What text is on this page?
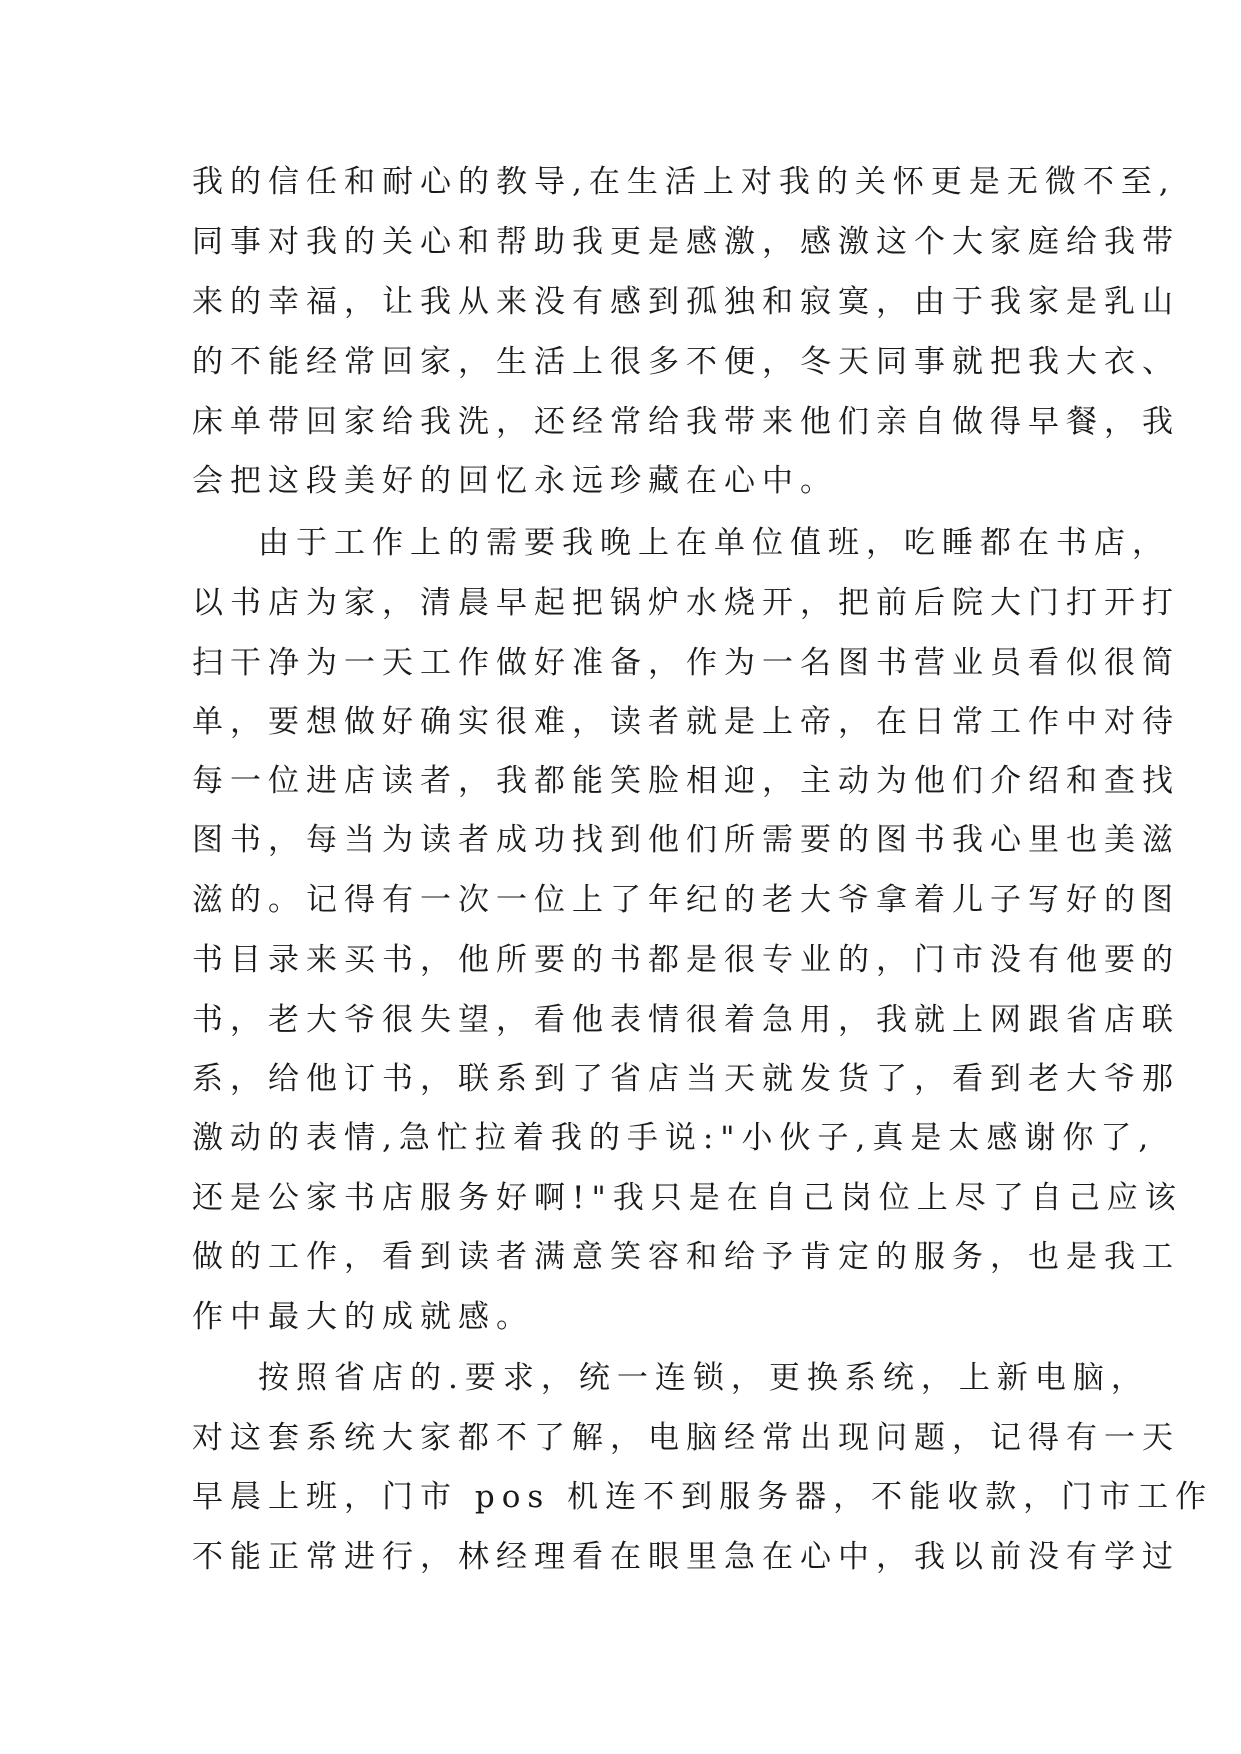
我的信任和耐心的教导,在生活上对我的关怀更是无微不至,
同事对我的关心和帮助我更是感激，感激这个大家庭给我带
来的幸福，让我从来没有感到孤独和寂寞，由于我家是乳山
的不能经常回家，生活上很多不便，冬天同事就把我大衣、
床单带回家给我洗，还经常给我带来他们亲自做得早餐，我
会把这段美好的回忆永远珍藏在心中。
由于工作上的需要我晚上在单位值班，吃睡都在书店，
以书店为家，清晨早起把锅炉水烧开，把前后院大门打开打
扫干净为一天工作做好准备，作为一名图书营业员看似很简
单，要想做好确实很难，读者就是上帝，在日常工作中对待
每一位进店读者，我都能笑脸相迎，主动为他们介绍和查找
图书，每当为读者成功找到他们所需要的图书我心里也美滋
滋的。记得有一次一位上了年纪的老大爷拿着儿子写好的图
书目录来买书，他所要的书都是很专业的，门市没有他要的
书，老大爷很失望，看他表情很着急用，我就上网跟省店联
系，给他订书，联系到了省店当天就发货了，看到老大爷那
激动的表情,急忙拉着我的手说:"小伙子,真是太感谢你了,
还是公家书店服务好啊!"我只是在自己岗位上尽了自己应该
做的工作，看到读者满意笑容和给予肯定的服务，也是我工
作中最大的成就感。
按照省店的.要求，统一连锁，更换系统，上新电脑，
对这套系统大家都不了解，电脑经常出现问题，记得有一天
早晨上班，门市 pos 机连不到服务器，不能收款，门市工作
不能正常进行，林经理看在眼里急在心中，我以前没有学过
